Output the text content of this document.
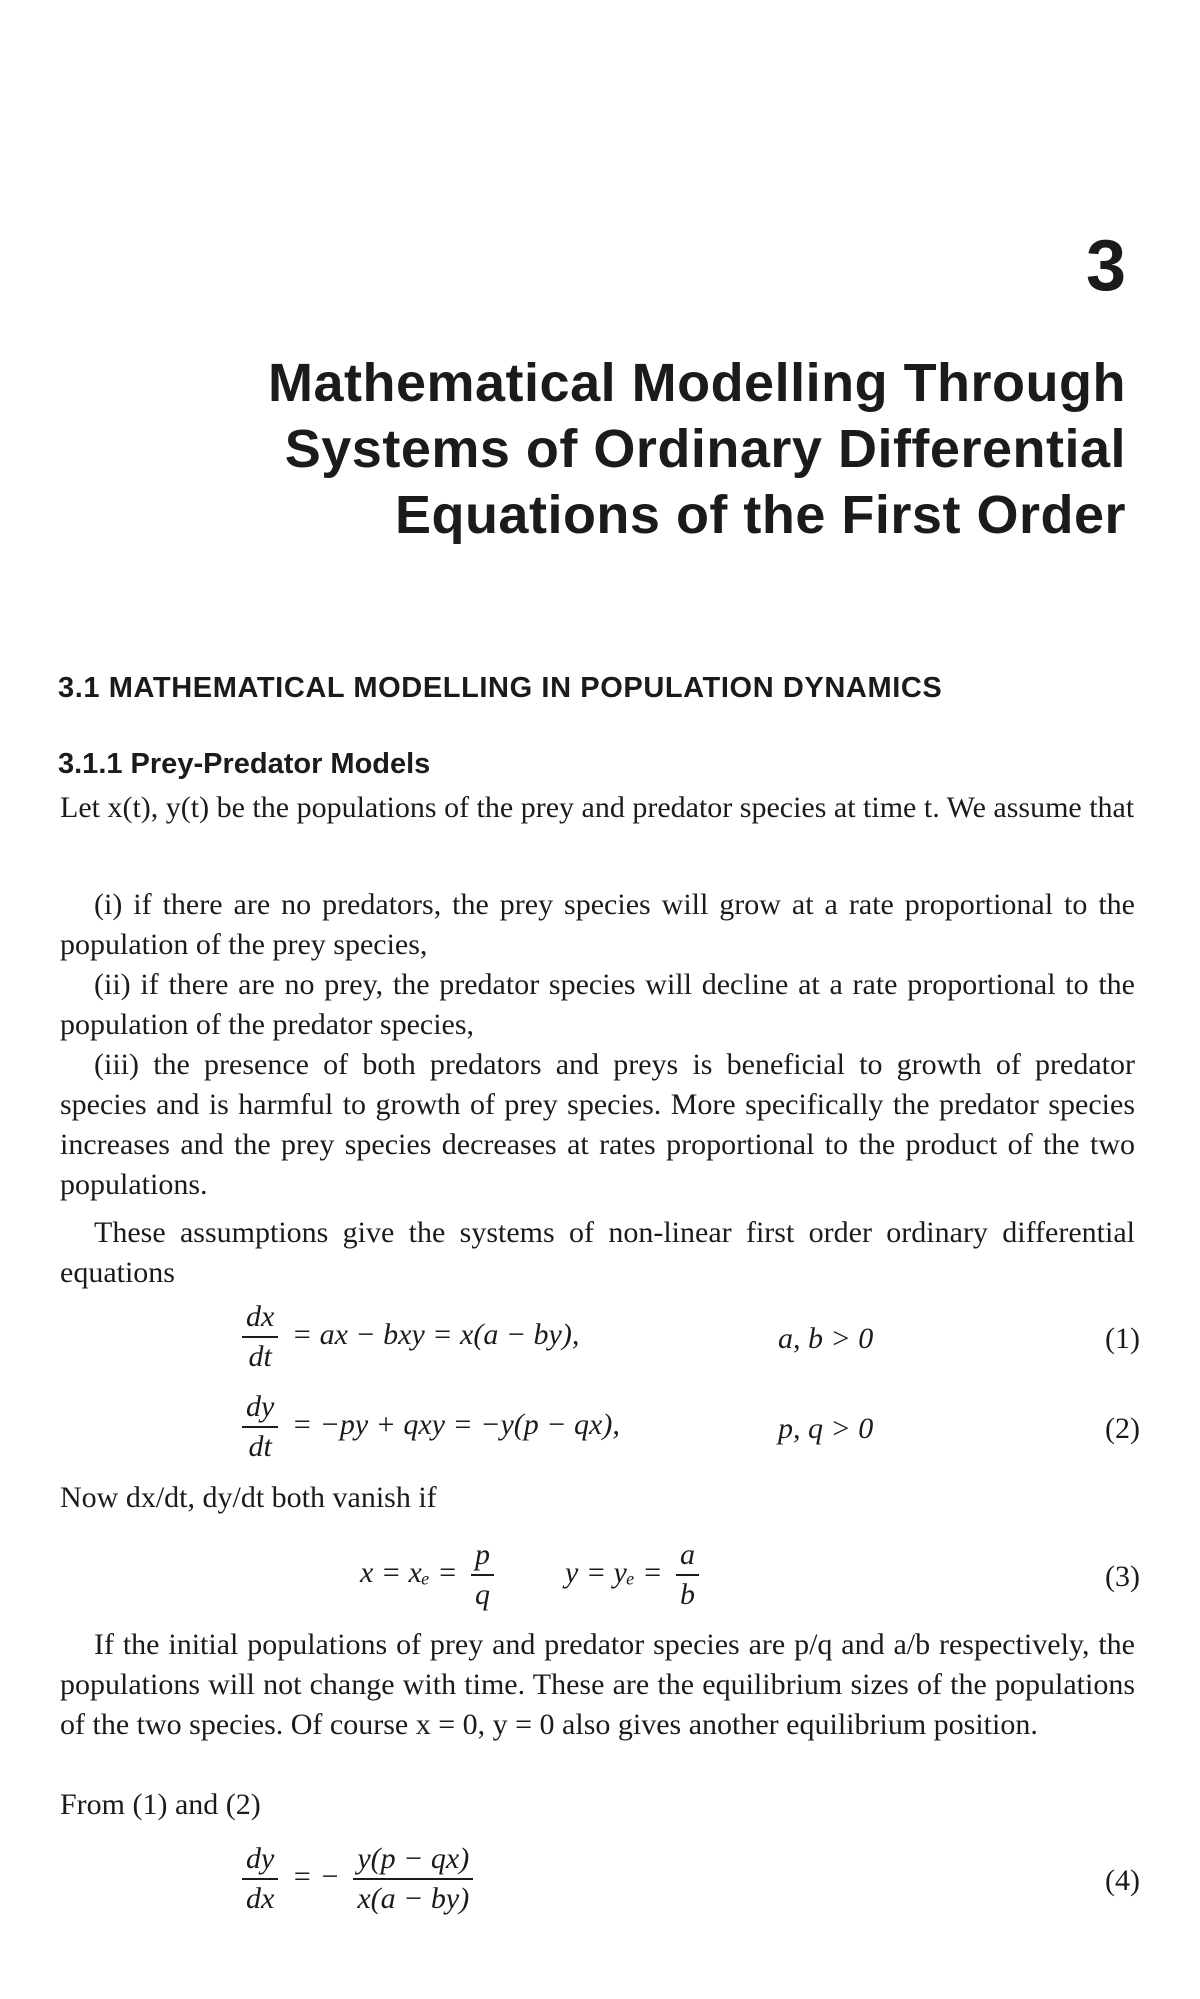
3
Mathematical Modelling Through
Systems of Ordinary Differential
Equations of the First Order
3.1 MATHEMATICAL MODELLING IN POPULATION DYNAMICS
3.1.1 Prey-Predator Models
Let x(t), y(t) be the populations of the prey and predator species at time t. We assume that
(i) if there are no predators, the prey species will grow at a rate proportional to the population of the prey species,
(ii) if there are no prey, the predator species will decline at a rate proportional to the population of the predator species,
(iii) the presence of both predators and preys is beneficial to growth of predator species and is harmful to growth of prey species. More specifically the predator species increases and the prey species decreases at rates proportional to the product of the two populations.
These assumptions give the systems of non-linear first order ordinary differential equations
$\frac{dx}{dt}$ = ax − bxy = x(a − by),	a, b > 0	(1)
$\frac{dy}{dt} = -py$ + qxy = −y(p − qx),	p, q > 0	(2)
Now dx/dt, dy/dt both vanish if
$x = x_e = \frac{p}{q}$ $y = y_e = \frac{a}{b}$	(3)
If the initial populations of prey and predator species are p/q and a/b respectively, the populations will not change with time. These are the equilibrium sizes of the populations of the two species. Of course x = 0, y = 0 also gives another equilibrium position.
From (1) and (2)
$\frac{dy}{dx}$ = − $\frac{y(p - qx)}{x(a - by)}$	(4)
